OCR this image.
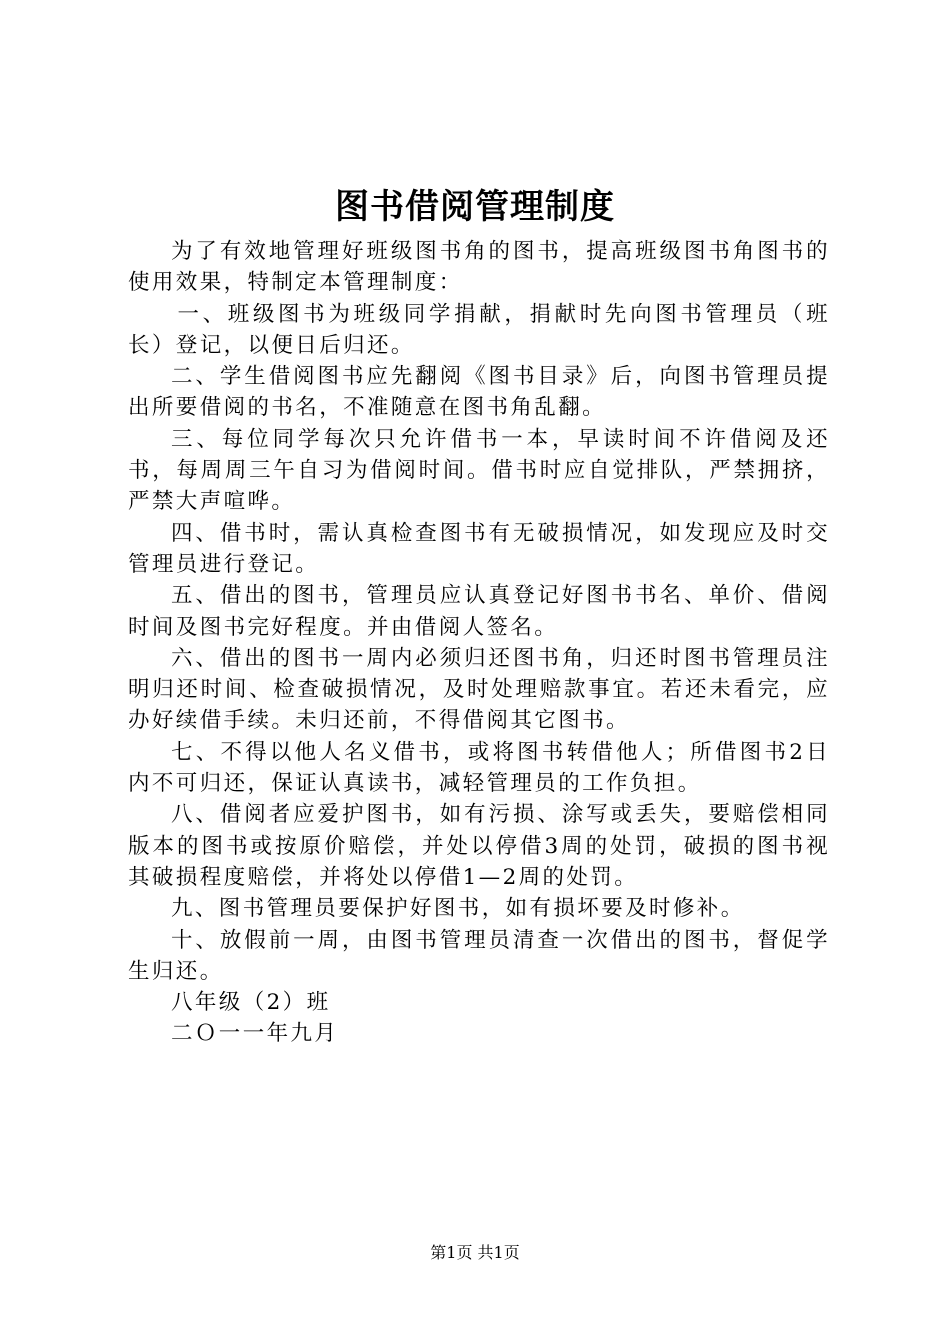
图书借阅管理制度

为了有效地管理好班级图书角的图书，提高班级图书角图书的使用效果，特制定本管理制度：

一、班级图书为班级同学捐献，捐献时先向图书管理员（班长）登记，以便日后归还。

二、学生借阅图书应先翻阅《图书目录》后，向图书管理员提出所要借阅的书名，不准随意在图书角乱翻。

三、每位同学每次只允许借书一本，早读时间不许借阅及还书，每周周三午自习为借阅时间。借书时应自觉排队，严禁拥挤，严禁大声喧哗。

四、借书时，需认真检查图书有无破损情况，如发现应及时交管理员进行登记。

五、借出的图书，管理员应认真登记好图书书名、单价、借阅时间及图书完好程度。并由借阅人签名。

六、借出的图书一周内必须归还图书角，归还时图书管理员注明归还时间、检查破损情况，及时处理赔款事宜。若还未看完，应办好续借手续。未归还前，不得借阅其它图书。

七、不得以他人名义借书，或将图书转借他人；所借图书2日内不可归还，保证认真读书，减轻管理员的工作负担。

八、借阅者应爱护图书，如有污损、涂写或丢失，要赔偿相同版本的图书或按原价赔偿，并处以停借3周的处罚，破损的图书视其破损程度赔偿，并将处以停借1—2周的处罚。

九、图书管理员要保护好图书，如有损坏要及时修补。

十、放假前一周，由图书管理员清查一次借出的图书，督促学生归还。

八年级（2）班

二Ｏ一一年九月

第1页 共1页
